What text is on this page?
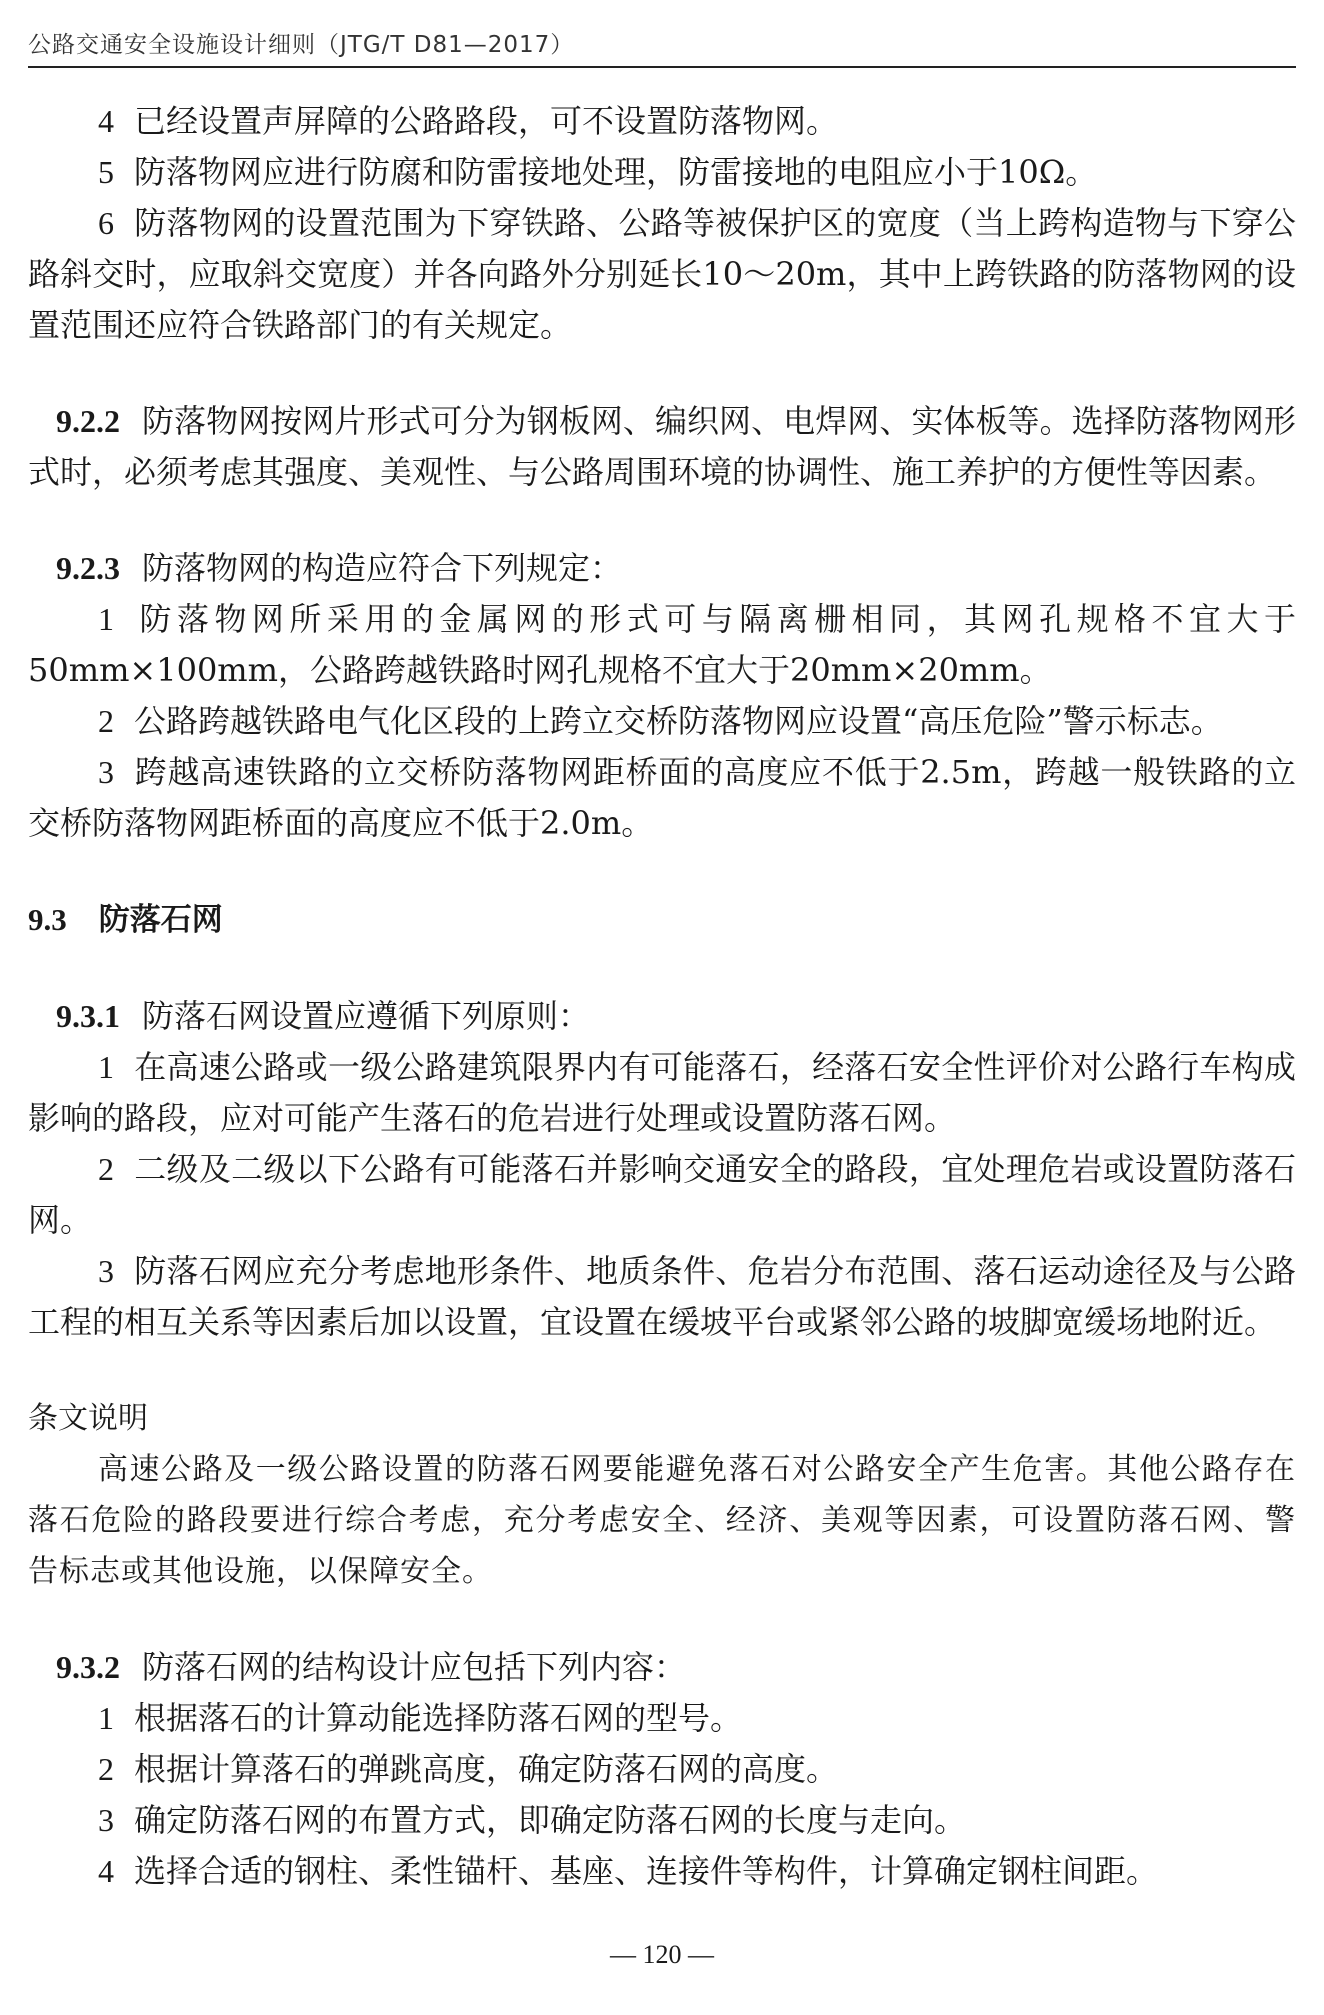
公路交通安全设施设计细则（JTG/T D81—2017）

4 已经设置声屏障的公路路段，可不设置防落物网。

5 防落物网应进行防腐和防雷接地处理，防雷接地的电阻应小于10Ω。

6 防落物网的设置范围为下穿铁路、公路等被保护区的宽度（当上跨构造物与下穿公路斜交时，应取斜交宽度）并各向路外分别延长10～20m，其中上跨铁路的防落物网的设置范围还应符合铁路部门的有关规定。

9.2.2 防落物网按网片形式可分为钢板网、编织网、电焊网、实体板等。选择防落物网形式时，必须考虑其强度、美观性、与公路周围环境的协调性、施工养护的方便性等因素。

9.2.3 防落物网的构造应符合下列规定：

1 防落物网所采用的金属网的形式可与隔离栅相同，其网孔规格不宜大于50mm×100mm，公路跨越铁路时网孔规格不宜大于20mm×20mm。

2 公路跨越铁路电气化区段的上跨立交桥防落物网应设置“高压危险”警示标志。

3 跨越高速铁路的立交桥防落物网距桥面的高度应不低于2.5m，跨越一般铁路的立交桥防落物网距桥面的高度应不低于2.0m。

9.3 防落石网

9.3.1 防落石网设置应遵循下列原则：

1 在高速公路或一级公路建筑限界内有可能落石，经落石安全性评价对公路行车构成影响的路段，应对可能产生落石的危岩进行处理或设置防落石网。

2 二级及二级以下公路有可能落石并影响交通安全的路段，宜处理危岩或设置防落石网。

3 防落石网应充分考虑地形条件、地质条件、危岩分布范围、落石运动途径及与公路工程的相互关系等因素后加以设置，宜设置在缓坡平台或紧邻公路的坡脚宽缓场地附近。

条文说明

高速公路及一级公路设置的防落石网要能避免落石对公路安全产生危害。其他公路存在落石危险的路段要进行综合考虑，充分考虑安全、经济、美观等因素，可设置防落石网、警告标志或其他设施，以保障安全。

9.3.2 防落石网的结构设计应包括下列内容：

1 根据落石的计算动能选择防落石网的型号。

2 根据计算落石的弹跳高度，确定防落石网的高度。

3 确定防落石网的布置方式，即确定防落石网的长度与走向。

4 选择合适的钢柱、柔性锚杆、基座、连接件等构件，计算确定钢柱间距。

— 120 —
